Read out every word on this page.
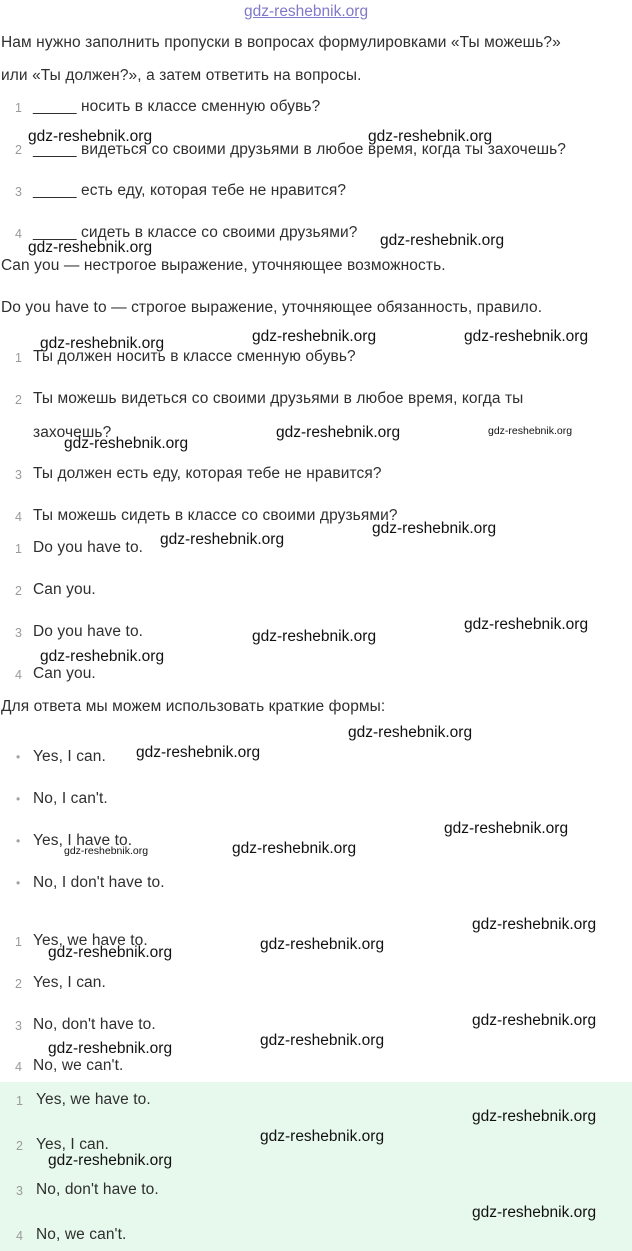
gdz-reshebnik.org
Нам нужно заполнить пропуски в вопросах формулировками «Ты можешь?»
или «Ты должен?», а затем ответить на вопросы.
1 _____ носить в классе сменную обувь?
2 _____ видеться со своими друзьями в любое время, когда ты захочешь?
3 _____ есть еду, которая тебе не нравится?
4 _____ сидеть в классе со своими друзьями?
Can you — нестрогое выражение, уточняющее возможность.
Do you have to — строгое выражение, уточняющее обязанность, правило.
1 Ты должен носить в классе сменную обувь?
2 Ты можешь видеться со своими друзьями в любое время, когда ты
захочешь?
3 Ты должен есть еду, которая тебе не нравится?
4 Ты можешь сидеть в классе со своими друзьями?
1 Do you have to.
2 Can you.
3 Do you have to.
4 Can you.
Для ответа мы можем использовать краткие формы:
• Yes, I can.
• No, I can't.
• Yes, I have to.
• No, I don't have to.
1 Yes, we have to.
2 Yes, I can.
3 No, don't have to.
4 No, we can't.
1 Yes, we have to.
2 Yes, I can.
3 No, don't have to.
4 No, we can't.
gdz-reshebnik.org	gdz-reshebnik.org
gdz-reshebnik.org	gdz-reshebnik.org
gdz-reshebnik.org	gdz-reshebnik.org	gdz-reshebnik.org
gdz-reshebnik.org
gdz-reshebnik.org	gdz-reshebnik.org
gdz-reshebnik.org
gdz-reshebnik.org
gdz-reshebnik.org
gdz-reshebnik.org
gdz-reshebnik.org
gdz-reshebnik.org
gdz-reshebnik.org
gdz-reshebnik.org
gdz-reshebnik.org
gdz-reshebnik.org
gdz-reshebnik.org
gdz-reshebnik.org
gdz-reshebnik.org
gdz-reshebnik.org
gdz-reshebnik.org
gdz-reshebnik.org
gdz-reshebnik.org
gdz-reshebnik.org
gdz-reshebnik.org
gdz-reshebnik.org
